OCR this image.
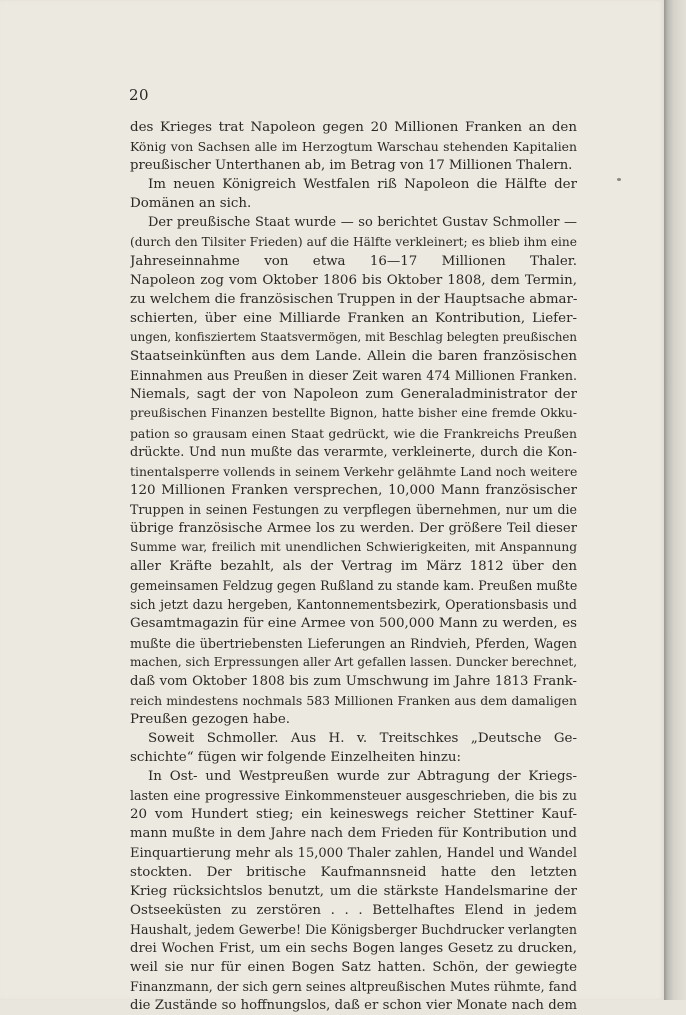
20
des Krieges trat Napoleon gegen 20 Millionen Franken an den
König von Sachsen alle im Herzogtum Warschau stehenden Kapitalien
preußischer Unterthanen ab, im Betrag von 17 Millionen Thalern.
Im neuen Königreich Westfalen riß Napoleon die Hälfte der
Domänen an sich.
Der preußische Staat wurde — so berichtet Gustav Schmoller —
(durch den Tilsiter Frieden) auf die Hälfte verkleinert; es blieb ihm eine
Jahreseinnahme von etwa 16—17 Millionen Thaler.
Napoleon zog vom Oktober 1806 bis Oktober 1808, dem Termin,
zu welchem die französischen Truppen in der Hauptsache abmar-
schierten, über eine Milliarde Franken an Kontribution, Liefer-
ungen, konfisziertem Staatsvermögen, mit Beschlag belegten preußischen
Staatseinkünften aus dem Lande. Allein die baren französischen
Einnahmen aus Preußen in dieser Zeit waren 474 Millionen Franken.
Niemals, sagt der von Napoleon zum Generaladministrator der
preußischen Finanzen bestellte Bignon, hatte bisher eine fremde Okku-
pation so grausam einen Staat gedrückt, wie die Frankreichs Preußen
drückte. Und nun mußte das verarmte, verkleinerte, durch die Kon-
tinentalsperre vollends in seinem Verkehr gelähmte Land noch weitere
120 Millionen Franken versprechen, 10,000 Mann französischer
Truppen in seinen Festungen zu verpflegen übernehmen, nur um die
übrige französische Armee los zu werden. Der größere Teil dieser
Summe war, freilich mit unendlichen Schwierigkeiten, mit Anspannung
aller Kräfte bezahlt, als der Vertrag im März 1812 über den
gemeinsamen Feldzug gegen Rußland zu stande kam. Preußen mußte
sich jetzt dazu hergeben, Kantonnementsbezirk, Operationsbasis und
Gesamtmagazin für eine Armee von 500,000 Mann zu werden, es
mußte die übertriebensten Lieferungen an Rindvieh, Pferden, Wagen
machen, sich Erpressungen aller Art gefallen lassen. Duncker berechnet,
daß vom Oktober 1808 bis zum Umschwung im Jahre 1813 Frank-
reich mindestens nochmals 583 Millionen Franken aus dem damaligen
Preußen gezogen habe.
Soweit Schmoller. Aus H. v. Treitschkes „Deutsche Ge-
schichte“ fügen wir folgende Einzelheiten hinzu:
In Ost- und Westpreußen wurde zur Abtragung der Kriegs-
lasten eine progressive Einkommensteuer ausgeschrieben, die bis zu
20 vom Hundert stieg; ein keineswegs reicher Stettiner Kauf-
mann mußte in dem Jahre nach dem Frieden für Kontribution und
Einquartierung mehr als 15,000 Thaler zahlen, Handel und Wandel
stockten. Der britische Kaufmannsneid hatte den letzten
Krieg rücksichtslos benutzt, um die stärkste Handelsmarine der
Ostseeküsten zu zerstören . . . Bettelhaftes Elend in jedem
Haushalt, jedem Gewerbe! Die Königsberger Buchdrucker verlangten
drei Wochen Frist, um ein sechs Bogen langes Gesetz zu drucken,
weil sie nur für einen Bogen Satz hatten. Schön, der gewiegte
Finanzmann, der sich gern seines altpreußischen Mutes rühmte, fand
die Zustände so hoffnungslos, daß er schon vier Monate nach dem
